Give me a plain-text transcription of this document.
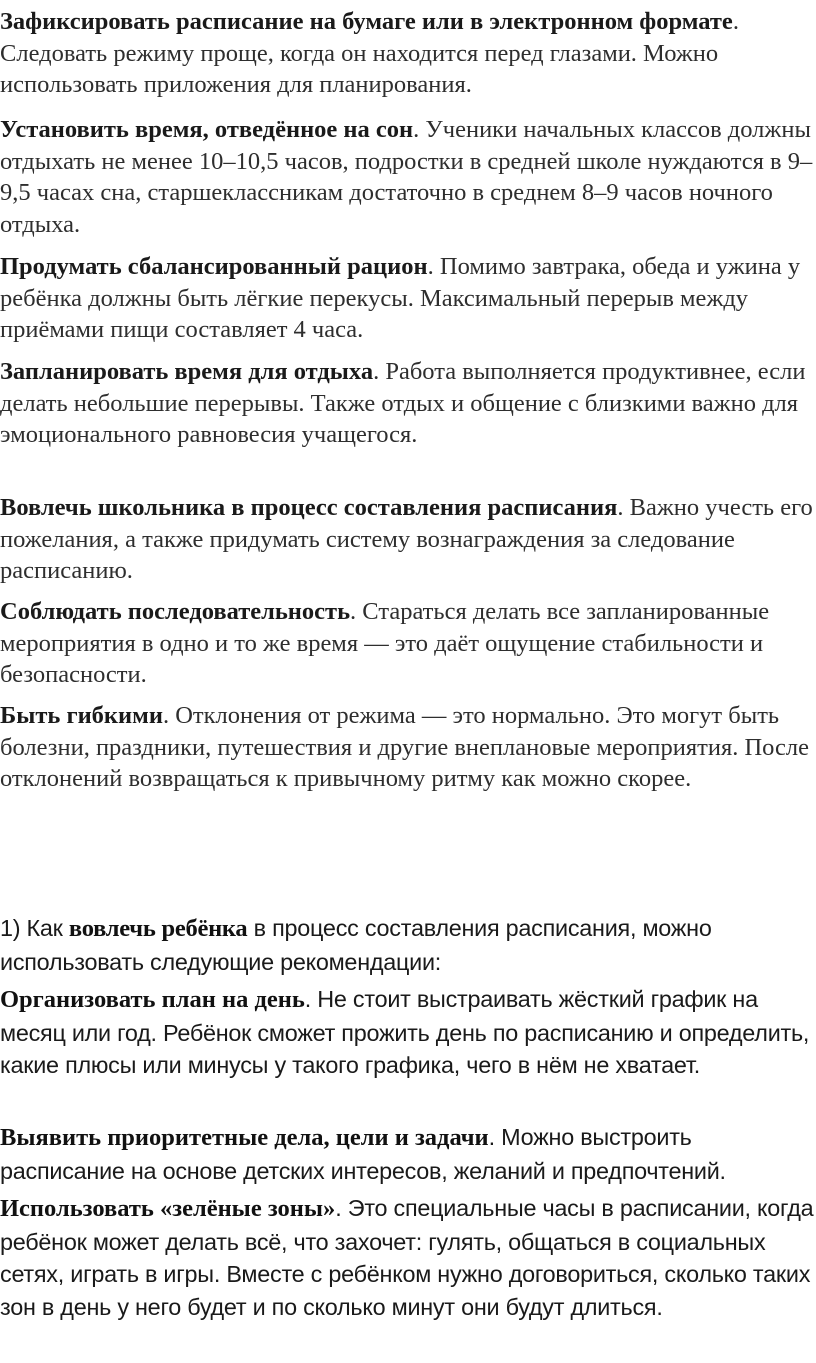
Зафиксировать расписание на бумаге или в электронном формате. Следовать режиму проще, когда он находится перед глазами. Можно использовать приложения для планирования.

Установить время, отведённое на сон. Ученики начальных классов должны отдыхать не менее 10–10,5 часов, подростки в средней школе нуждаются в 9–9,5 часах сна, старшеклассникам достаточно в среднем 8–9 часов ночного отдыха.

Продумать сбалансированный рацион. Помимо завтрака, обеда и ужина у ребёнка должны быть лёгкие перекусы. Максимальный перерыв между приёмами пищи составляет 4 часа.

Запланировать время для отдыха. Работа выполняется продуктивнее, если делать небольшие перерывы. Также отдых и общение с близкими важно для эмоционального равновесия учащегося.

Вовлечь школьника в процесс составления расписания. Важно учесть его пожелания, а также придумать систему вознаграждения за следование расписанию.

Соблюдать последовательность. Стараться делать все запланированные мероприятия в одно и то же время — это даёт ощущение стабильности и безопасности.

Быть гибкими. Отклонения от режима — это нормально. Это могут быть болезни, праздники, путешествия и другие внеплановые мероприятия. После отклонений возвращаться к привычному ритму как можно скорее.

1) Как вовлечь ребёнка в процесс составления расписания, можно использовать следующие рекомендации:

Организовать план на день. Не стоит выстраивать жёсткий график на месяц или год. Ребёнок сможет прожить день по расписанию и определить, какие плюсы или минусы у такого графика, чего в нём не хватает.

Выявить приоритетные дела, цели и задачи. Можно выстроить расписание на основе детских интересов, желаний и предпочтений.

Использовать «зелёные зоны». Это специальные часы в расписании, когда ребёнок может делать всё, что захочет: гулять, общаться в социальных сетях, играть в игры. Вместе с ребёнком нужно договориться, сколько таких зон в день у него будет и по сколько минут они будут длиться.
